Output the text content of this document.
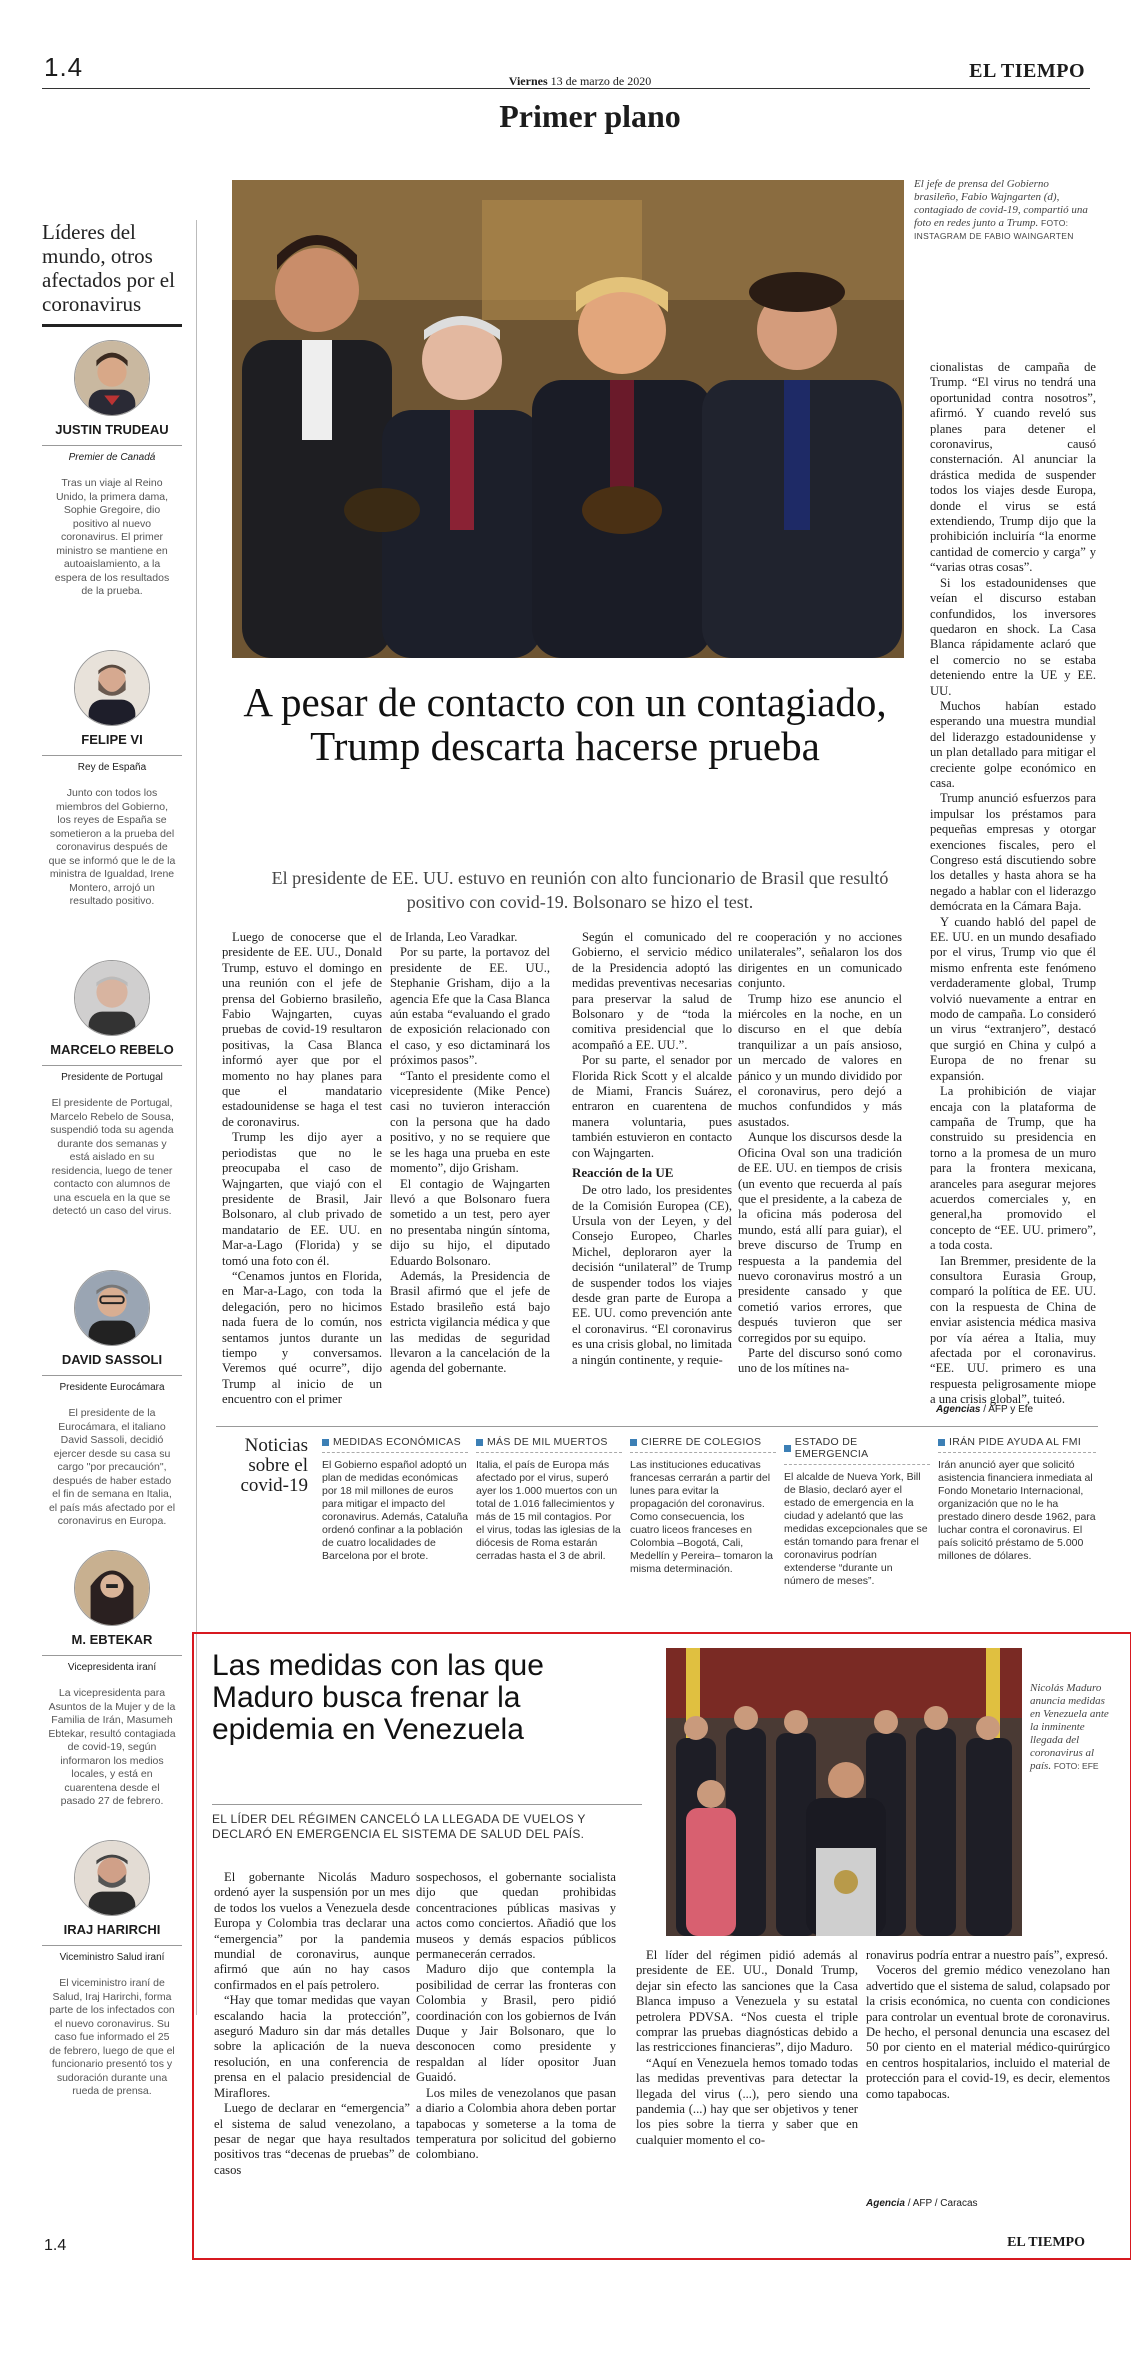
1.4	Viernes 13 de marzo de 2020	EL TIEMPO
Primer plano
Líderes del mundo, otros afectados por el coronavirus
JUSTIN TRUDEAU
Premier de Canadá
Tras un viaje al Reino Unido, la primera dama, Sophie Gregoire, dio positivo al nuevo coronavirus. El primer ministro se mantiene en autoaislamiento, a la espera de los resultados de la prueba.
FELIPE VI
Rey de España
Junto con todos los miembros del Gobierno, los reyes de España se sometieron a la prueba del coronavirus después de que se informó que le de la ministra de Igualdad, Irene Montero, arrojó un resultado positivo.
MARCELO REBELO
Presidente de Portugal
El presidente de Portugal, Marcelo Rebelo de Sousa, suspendió toda su agenda durante dos semanas y está aislado en su residencia, luego de tener contacto con alumnos de una escuela en la que se detectó un caso del virus.
DAVID SASSOLI
Presidente Eurocámara
El presidente de la Eurocámara, el italiano David Sassoli, decidió ejercer desde su casa su cargo "por precaución", después de haber estado el fin de semana en Italia, el país más afectado por el coronavirus en Europa.
M. EBTEKAR
Vicepresidenta iraní
La vicepresidenta para Asuntos de la Mujer y de la Familia de Irán, Masumeh Ebtekar, resultó contagiada de covid-19, según informaron los medios locales, y está en cuarentena desde el pasado 27 de febrero.
IRAJ HARIRCHI
Viceministro Salud iraní
El viceministro iraní de Salud, Iraj Harirchi, forma parte de los infectados con el nuevo coronavirus. Su caso fue informado el 25 de febrero, luego de que el funcionario presentó tos y sudoración durante una rueda de prensa.
El jefe de prensa del Gobierno brasileño, Fabio Wajngarten (d), contagiado de covid-19, compartió una foto en redes junto a Trump. FOTO: INSTAGRAM DE FABIO WAINGARTEN
A pesar de contacto con un contagiado, Trump descarta hacerse prueba
El presidente de EE. UU. estuvo en reunión con alto funcionario de Brasil que resultó positivo con covid-19. Bolsonaro se hizo el test.

Luego de conocerse que el presidente de EE. UU., Donald Trump, estuvo el domingo en una reunión con el jefe de prensa del Gobierno brasileño, Fabio Wajngarten, cuyas pruebas de covid-19 resultaron positivas, la Casa Blanca informó ayer que por el momento no hay planes para que el mandatario estadounidense se haga el test de coronavirus.

Trump les dijo ayer a periodistas que no le preocupaba el caso de Wajngarten, que viajó con el presidente de Brasil, Jair Bolsonaro, al club privado de mandatario de EE. UU. en Mar-a-Lago (Florida) y se tomó una foto con él.

“Cenamos juntos en Florida, en Mar-a-Lago, con toda la delegación, pero no hicimos nada fuera de lo común, nos sentamos juntos durante un tiempo y conversamos. Veremos qué ocurre”, dijo Trump al inicio de un encuentro con el primer

de Irlanda, Leo Varadkar.

Por su parte, la portavoz del presidente de EE. UU., Stephanie Grisham, dijo a la agencia Efe que la Casa Blanca aún estaba “evaluando el grado de exposición relacionado con el caso, y eso dictaminará los próximos pasos”.

“Tanto el presidente como el vicepresidente (Mike Pence) casi no tuvieron interacción con la persona que ha dado positivo, y no se requiere que se les haga una prueba en este momento”, dijo Grisham.

El contagio de Wajngarten llevó a que Bolsonaro fuera sometido a un test, pero ayer no presentaba ningún síntoma, dijo su hijo, el diputado Eduardo Bolsonaro.

Además, la Presidencia de Brasil afirmó que el jefe de Estado brasileño está bajo estricta vigilancia médica y que las medidas de seguridad llevaron a la cancelación de la agenda del gobernante.

Según el comunicado del Gobierno, el servicio médico de la Presidencia adoptó las medidas preventivas necesarias para preservar la salud de Bolsonaro y de “toda la comitiva presidencial que lo acompañó a EE. UU.”.

Por su parte, el senador por Florida Rick Scott y el alcalde de Miami, Francis Suárez, entraron en cuarentena de manera voluntaria, pues también estuvieron en contacto con Wajngarten.

Reacción de la UE

De otro lado, los presidentes de la Comisión Europea (CE), Ursula von der Leyen, y del Consejo Europeo, Charles Michel, deploraron ayer la decisión “unilateral” de Trump de suspender todos los viajes desde gran parte de Europa a EE. UU. como prevención ante el coronavirus. “El coronavirus es una crisis global, no limitada a ningún continente, y requie-

re cooperación y no acciones unilaterales”, señalaron los dos dirigentes en un comunicado conjunto.

Trump hizo ese anuncio el miércoles en la noche, en un discurso en el que debía tranquilizar a un país ansioso, un mercado de valores en pánico y un mundo dividido por el coronavirus, pero dejó a muchos confundidos y más asustados.

Aunque los discursos desde la Oficina Oval son una tradición de EE. UU. en tiempos de crisis (un evento que recuerda al país que el presidente, a la cabeza de la oficina más poderosa del mundo, está allí para guiar), el breve discurso de Trump en respuesta a la pandemia del nuevo coronavirus mostró a un presidente cansado y que cometió varios errores, que después tuvieron que ser corregidos por su equipo.

Parte del discurso sonó como uno de los mítines na-

cionalistas de campaña de Trump. “El virus no tendrá una oportunidad contra nosotros”, afirmó. Y cuando reveló sus planes para detener el coronavirus, causó consternación. Al anunciar la drástica medida de suspender todos los viajes desde Europa, donde el virus se está extendiendo, Trump dijo que la prohibición incluiría “la enorme cantidad de comercio y carga” y “varias otras cosas”.

Si los estadounidenses que veían el discurso estaban confundidos, los inversores quedaron en shock. La Casa Blanca rápidamente aclaró que el comercio no se estaba deteniendo entre la UE y EE. UU.

Muchos habían estado esperando una muestra mundial del liderazgo estadounidense y un plan detallado para mitigar el creciente golpe económico en casa.

Trump anunció esfuerzos para impulsar los préstamos para pequeñas empresas y otorgar exenciones fiscales, pero el Congreso está discutiendo sobre los detalles y hasta ahora se ha negado a hablar con el liderazgo demócrata en la Cámara Baja.

Y cuando habló del papel de EE. UU. en un mundo desafiado por el virus, Trump vio que él mismo enfrenta este fenómeno verdaderamente global, Trump volvió nuevamente a entrar en modo de campaña. Lo consideró un virus “extranjero”, destacó que surgió en China y culpó a Europa de no frenar su expansión.

La prohibición de viajar encaja con la plataforma de campaña de Trump, que ha construido su presidencia en torno a la promesa de un muro para la frontera mexicana, aranceles para asegurar mejores acuerdos comerciales y, en general,ha promovido el concepto de “EE. UU. primero”, a toda costa.

Ian Bremmer, presidente de la consultora Eurasia Group, comparó la política de EE. UU. con la respuesta de China de enviar asistencia médica masiva por vía aérea a Italia, muy afectada por el coronavirus. “EE. UU. primero es una respuesta peligrosamente miope a una crisis global”, tuiteó.

Agencias / AFP y Efe
Noticias sobre el covid-19
MEDIDAS ECONÓMICAS
El Gobierno español adoptó un plan de medidas económicas por 18 mil millones de euros para mitigar el impacto del coronavirus. Además, Cataluña ordenó confinar a la población de cuatro localidades de Barcelona por el brote.
MÁS DE MIL MUERTOS
Italia, el país de Europa más afectado por el virus, superó ayer los 1.000 muertos con un total de 1.016 fallecimientos y más de 15 mil contagios. Por el virus, todas las iglesias de la diócesis de Roma estarán cerradas hasta el 3 de abril.
CIERRE DE COLEGIOS
Las instituciones educativas francesas cerrarán a partir del lunes para evitar la propagación del coronavirus. Como consecuencia, los cuatro liceos franceses en Colombia –Bogotá, Cali, Medellín y Pereira– tomaron la misma determinación.
ESTADO DE EMERGENCIA
El alcalde de Nueva York, Bill de Blasio, declaró ayer el estado de emergencia en la ciudad y adelantó que las medidas excepcionales que se están tomando para frenar el coronavirus podrían extenderse “durante un número de meses”.
IRÁN PIDE AYUDA AL FMI
Irán anunció ayer que solicitó asistencia financiera inmediata al Fondo Monetario Internacional, organización que no le ha prestado dinero desde 1962, para luchar contra el coronavirus. El país solicitó préstamo de 5.000 millones de dólares.
Las medidas con las que Maduro busca frenar la epidemia en Venezuela
EL LÍDER DEL RÉGIMEN CANCELÓ LA LLEGADA DE VUELOS Y DECLARÓ EN EMERGENCIA EL SISTEMA DE SALUD DEL PAÍS.
Nicolás Maduro anuncia medidas en Venezuela ante la inminente llegada del coronavirus al país. FOTO: EFE

El gobernante Nicolás Maduro ordenó ayer la suspensión por un mes de todos los vuelos a Venezuela desde Europa y Colombia tras declarar una “emergencia” por la pandemia mundial de coronavirus, aunque afirmó que aún no hay casos confirmados en el país petrolero.

“Hay que tomar medidas que vayan escalando hacia la protección”, aseguró Maduro sin dar más detalles sobre la aplicación de la nueva resolución, en una conferencia de prensa en el palacio presidencial de Miraflores.

Luego de declarar en “emergencia” el sistema de salud venezolano, a pesar de negar que haya resultados positivos tras “decenas de pruebas” de casos

sospechosos, el gobernante socialista dijo que quedan prohibidas concentraciones públicas masivas y actos como conciertos. Añadió que los museos y demás espacios públicos permanecerán cerrados.

Maduro dijo que contempla la posibilidad de cerrar las fronteras con Colombia y Brasil, pero pidió coordinación con los gobiernos de Iván Duque y Jair Bolsonaro, que lo desconocen como presidente y respaldan al líder opositor Juan Guaidó.

Los miles de venezolanos que pasan a diario a Colombia ahora deben portar tapabocas y someterse a la toma de temperatura por solicitud del gobierno colombiano.

El líder del régimen pidió además al presidente de EE. UU., Donald Trump, dejar sin efecto las sanciones que la Casa Blanca impuso a Venezuela y su estatal petrolera PDVSA. “Nos cuesta el triple comprar las pruebas diagnósticas debido a las restricciones financieras”, dijo Maduro.

“Aquí en Venezuela hemos tomado todas las medidas preventivas para detectar la llegada del virus (...), pero siendo una pandemia (...) hay que ser objetivos y tener los pies sobre la tierra y saber que en cualquier momento el co-

ronavirus podría entrar a nuestro país”, expresó.

Voceros del gremio médico venezolano han advertido que el sistema de salud, colapsado por la crisis económica, no cuenta con condiciones para controlar un eventual brote de coronavirus. De hecho, el personal denuncia una escasez del 50 por ciento en el material médico-quirúrgico en centros hospitalarios, incluido el material de protección para el covid-19, es decir, elementos como tapabocas.

Agencia / AFP / Caracas
1.4	EL TIEMPO
